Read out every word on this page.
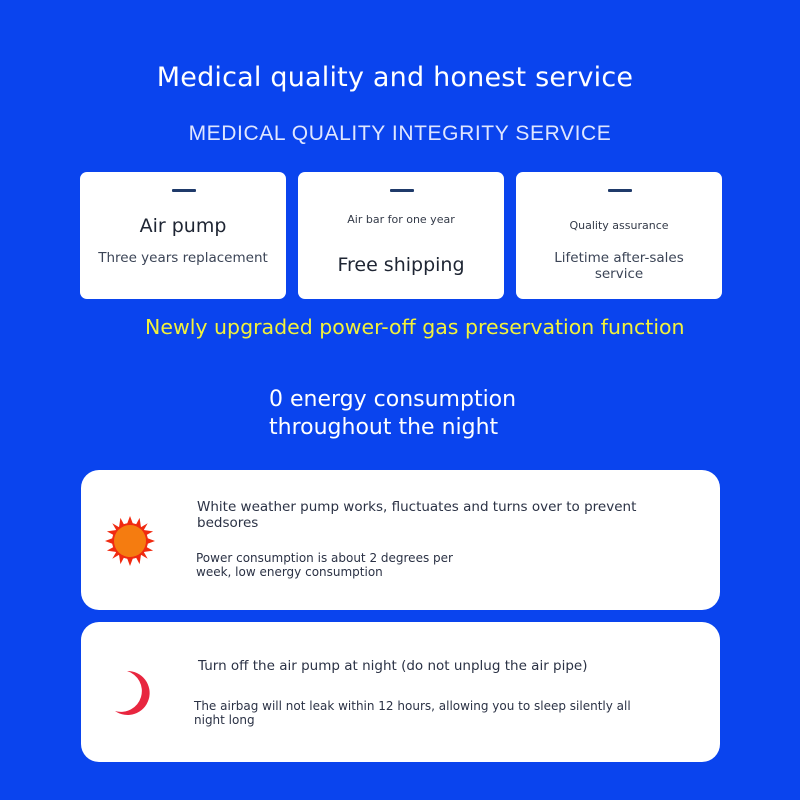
Medical quality and honest service
MEDICAL QUALITY INTEGRITY SERVICE
Air pump
Three years replacement
Air bar for one year
Free shipping
Quality assurance
Lifetime after-sales service
Newly upgraded power-off gas preservation function
0 energy consumption
throughout the night
White weather pump works, fluctuates and turns over to prevent bedsores
Power consumption is about 2 degrees per week, low energy consumption
Turn off the air pump at night (do not unplug the air pipe)
The airbag will not leak within 12 hours, allowing you to sleep silently all night long
